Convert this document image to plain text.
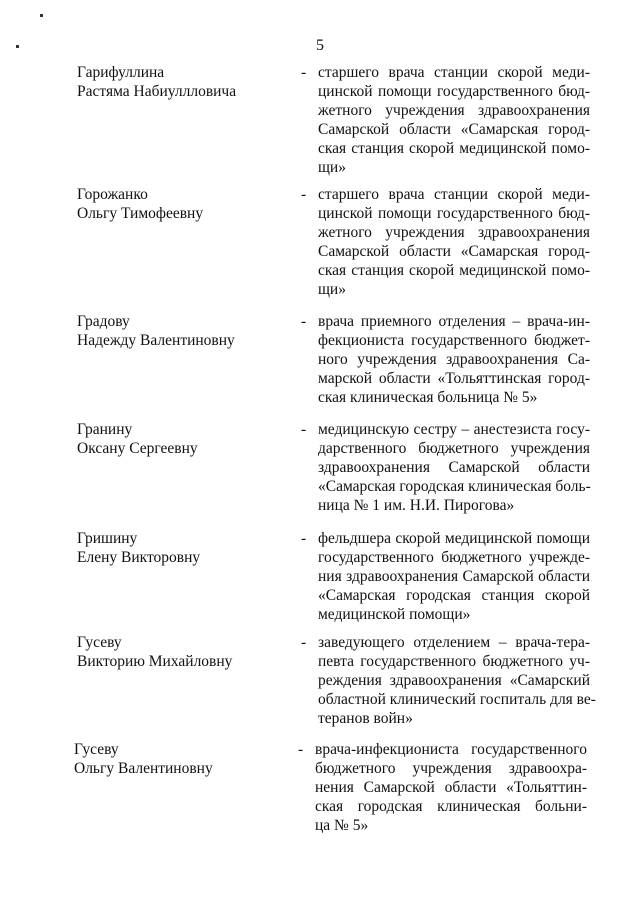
5
Гарифуллина
Растяма Набиуллловича
- старшего врача станции скорой меди-
цинской помощи государственного бюд-
жетного учреждения здравоохранения
Самарской области «Самарская город-
ская станция скорой медицинской помо-
щи»
Горожанко
Ольгу Тимофеевну
- старшего врача станции скорой меди-
цинской помощи государственного бюд-
жетного учреждения здравоохранения
Самарской области «Самарская город-
ская станция скорой медицинской помо-
щи»
Градову
Надежду Валентиновну
- врача приемного отделения – врача-ин-
фекциониста государственного бюджет-
ного учреждения здравоохранения Са-
марской области «Тольяттинская город-
ская клиническая больница № 5»
Гранину
Оксану Сергеевну
- медицинскую сестру – анестезиста госу-
дарственного бюджетного учреждения
здравоохранения Самарской области
«Самарская городская клиническая боль-
ница № 1 им. Н.И. Пирогова»
Гришину
Елену Викторовну
- фельдшера скорой медицинской помощи
государственного бюджетного учрежде-
ния здравоохранения Самарской области
«Самарская городская станция скорой
медицинской помощи»
Гусеву
Викторию Михайловну
- заведующего отделением – врача-тера-
певта государственного бюджетного уч-
реждения здравоохранения «Самарский
областной клинический госпиталь для ве-
теранов войн»
Гусеву
Ольгу Валентиновну
- врача-инфекциониста государственного
бюджетного учреждения здравоохра-
нения Самарской области «Тольяттин-
ская городская клиническая больни-
ца № 5»
